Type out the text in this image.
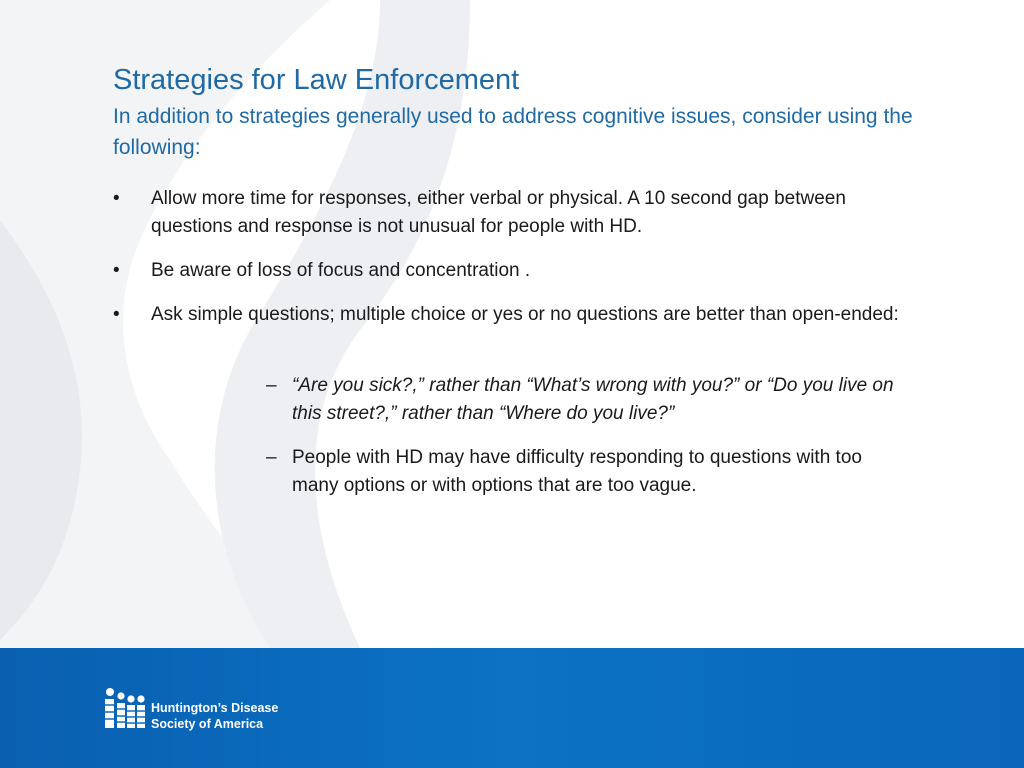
Strategies for Law Enforcement

In addition to strategies generally used to address cognitive issues, consider using the following:

•	Allow more time for responses, either verbal or physical. A 10 second gap between questions and response is not unusual for people with HD.
•	Be aware of loss of focus and concentration .
•	Ask simple questions; multiple choice or yes or no questions are better than open-ended:
– “Are you sick?,” rather than “What’s wrong with you?” or “Do you live on this street?,” rather than “Where do you live?”
– People with HD may have difficulty responding to questions with too many options or with options that are too vague.
Huntington’s Disease
Society of America
